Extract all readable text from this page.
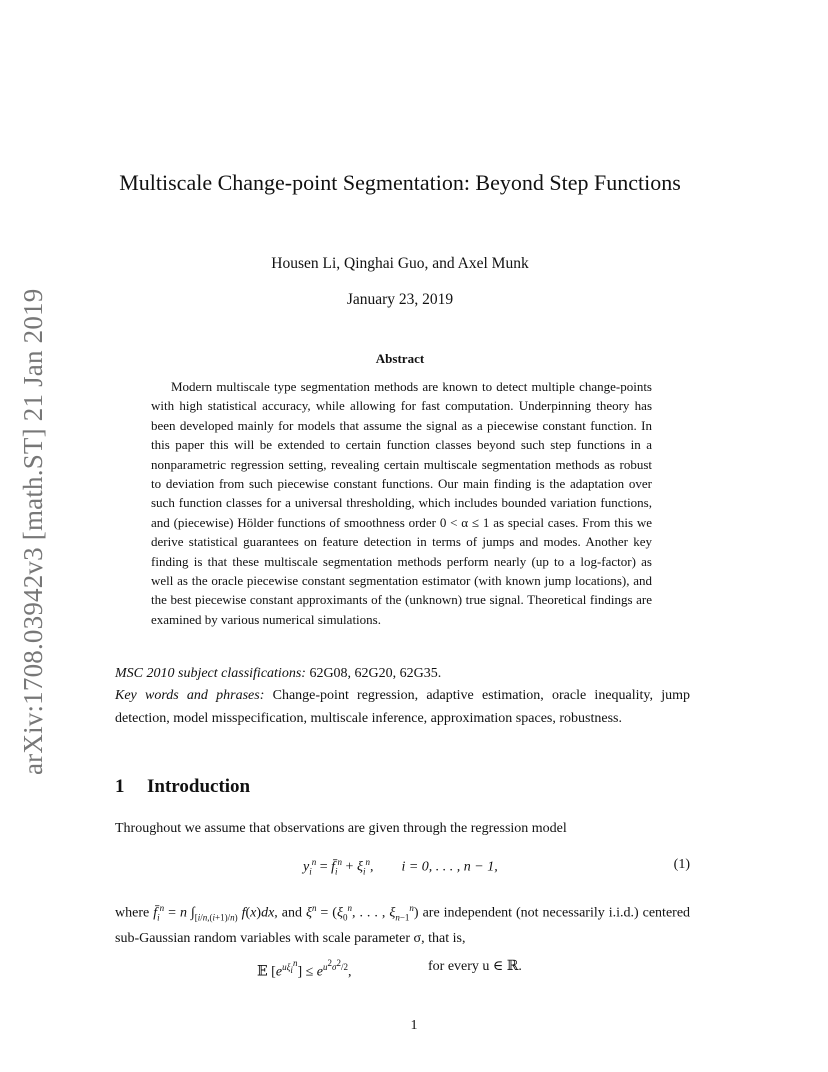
arXiv:1708.03942v3 [math.ST] 21 Jan 2019
Multiscale Change-point Segmentation: Beyond Step Functions
Housen Li, Qinghai Guo, and Axel Munk
January 23, 2019
Abstract
Modern multiscale type segmentation methods are known to detect multiple change-points with high statistical accuracy, while allowing for fast computation. Underpinning theory has been developed mainly for models that assume the signal as a piecewise constant function. In this paper this will be extended to certain function classes beyond such step functions in a nonparametric regression setting, revealing certain multiscale segmentation methods as robust to deviation from such piecewise constant functions. Our main finding is the adaptation over such function classes for a universal thresholding, which includes bounded variation functions, and (piecewise) Hölder functions of smoothness order 0 < α ≤ 1 as special cases. From this we derive statistical guarantees on feature detection in terms of jumps and modes. Another key finding is that these multiscale segmentation methods perform nearly (up to a log-factor) as well as the oracle piecewise constant segmentation estimator (with known jump locations), and the best piecewise constant approximants of the (unknown) true signal. Theoretical findings are examined by various numerical simulations.
MSC 2010 subject classifications: 62G08, 62G20, 62G35.
Key words and phrases: Change-point regression, adaptive estimation, oracle inequality, jump detection, model misspecification, multiscale inference, approximation spaces, robustness.
1 Introduction
Throughout we assume that observations are given through the regression model
$y_i^n$ = $f̄_i^n + \xi_i^n$,        i = 0, . . . , n − 1,	(1)
where $f̄_i^n = n$ $\int_{[i/n,(i+1)/n)}$ f(x)dx, and $\xi^n = (\xi_0^n$, . . . , $\xi_{n-1}^n$) are independent (not necessarily i.i.d.) centered sub-Gaussian random variables with scale parameter σ, that is,
𝔼 $[e^{u\xi_i^n}] \le e^{u^2\sigma^2/2}$,	for every u ∈ ℝ.
1
